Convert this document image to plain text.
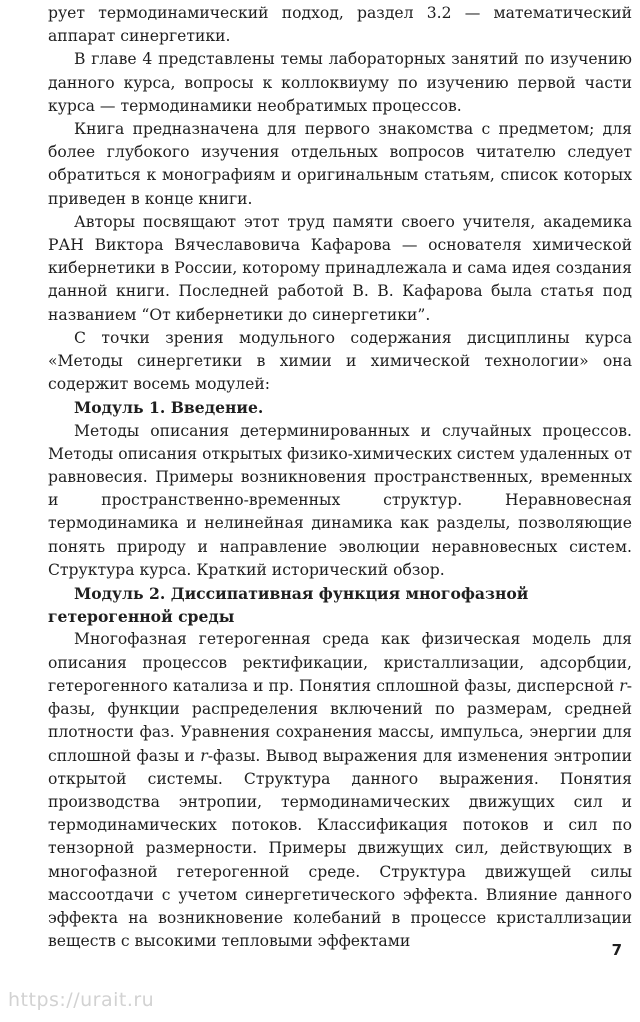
рует термодинамический подход, раздел 3.2 — математический аппарат синергетики.

В главе 4 представлены темы лабораторных занятий по изучению данного курса, вопросы к коллоквиуму по изучению первой части курса — термодинамики необратимых процессов.

Книга предназначена для первого знакомства с предметом; для более глубокого изучения отдельных вопросов читателю следует обратиться к монографиям и оригинальным статьям, список которых приведен в конце книги.

Авторы посвящают этот труд памяти своего учителя, академика РАН Виктора Вячеславовича Кафарова — основателя химической кибернетики в России, которому принадлежала и сама идея создания данной книги. Последней работой В. В. Кафарова была статья под названием “От кибернетики до синергетики”.

С точки зрения модульного содержания дисциплины курса «Методы синергетики в химии и химической технологии» она содержит восемь модулей:

Модуль 1. Введение.

Методы описания детерминированных и случайных процессов. Методы описания открытых физико-химических систем удаленных от равновесия. Примеры возникновения пространственных, временных и пространственно-временных структур. Неравновесная термодинамика и нелинейная динамика как разделы, позволяющие понять природу и направление эволюции неравновесных систем. Структура курса. Краткий исторический обзор.

Модуль 2. Диссипативная функция многофазной гетерогенной среды

Многофазная гетерогенная среда как физическая модель для описания процессов ректификации, кристаллизации, адсорбции, гетерогенного катализа и пр. Понятия сплошной фазы, дисперсной r-фазы, функции распределения включений по размерам, средней плотности фаз. Уравнения сохранения массы, импульса, энергии для сплошной фазы и r-фазы. Вывод выражения для изменения энтропии открытой системы. Структура данного выражения. Понятия производства энтропии, термодинамических движущих сил и термодинамических потоков. Классификация потоков и сил по тензорной размерности. Примеры движущих сил, действующих в многофазной гетерогенной среде. Структура движущей силы массоотдачи с учетом синергетического эффекта. Влияние данного эффекта на возникновение колебаний в процессе кристаллизации веществ с высокими тепловыми эффектами	7
https://urait.ru
